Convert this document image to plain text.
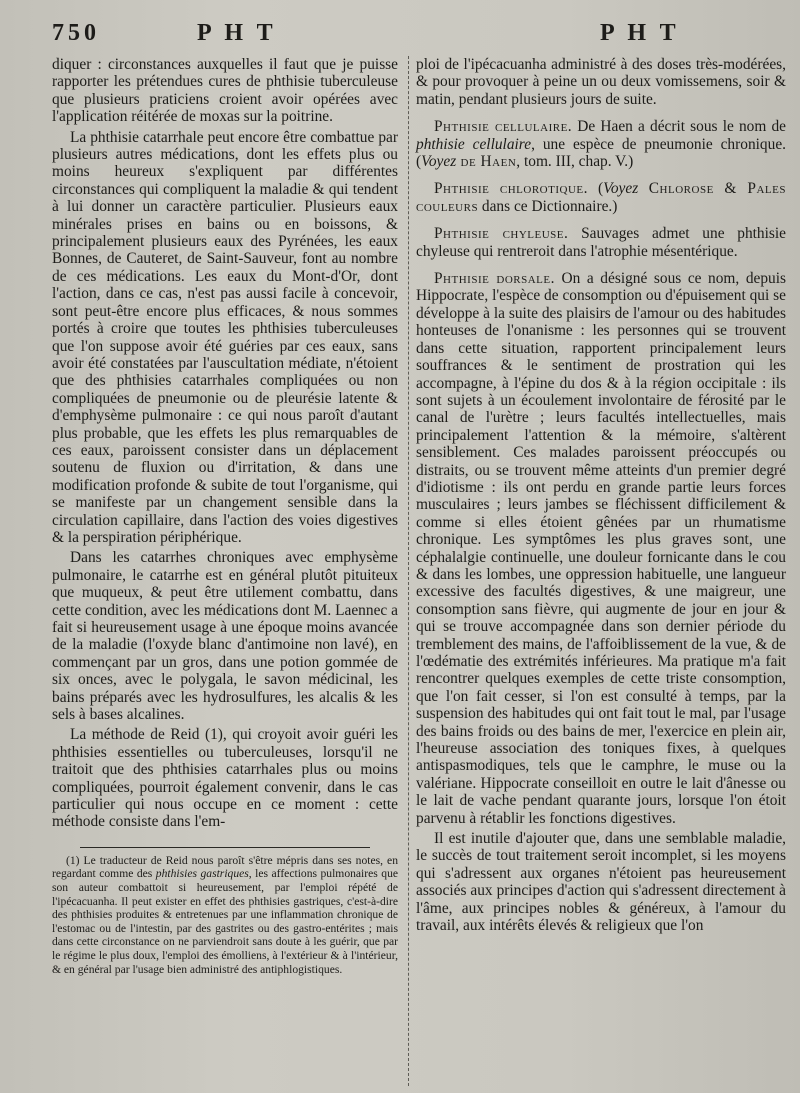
750	P H T	P H T

diquer : circonstances auxquelles il faut que je puisse rapporter les prétendues cures de phthisie tuberculeuse que plusieurs praticiens croient avoir opérées avec l'application réitérée de moxas sur la poitrine.

La phthisie catarrhale peut encore être combattue par plusieurs autres médications, dont les effets plus ou moins heureux s'expliquent par différentes circonstances qui compliquent la maladie & qui tendent à lui donner un caractère particulier. Plusieurs eaux minérales prises en bains ou en boissons, & principalement plusieurs eaux des Pyrénées, les eaux Bonnes, de Cauteret, de Saint-Sauveur, font au nombre de ces médications. Les eaux du Mont-d'Or, dont l'action, dans ce cas, n'est pas aussi facile à concevoir, sont peut-être encore plus efficaces, & nous sommes portés à croire que toutes les phthisies tuberculeuses que l'on suppose avoir été guéries par ces eaux, sans avoir été constatées par l'auscultation médiate, n'étoient que des phthisies catarrhales compliquées ou non compliquées de pneumonie ou de pleurésie latente & d'emphysème pulmonaire : ce qui nous paroît d'autant plus probable, que les effets les plus remarquables de ces eaux, paroissent consister dans un déplacement soutenu de fluxion ou d'irritation, & dans une modification profonde & subite de tout l'organisme, qui se manifeste par un changement sensible dans la circulation capillaire, dans l'action des voies digestives & la perspiration périphérique.

Dans les catarrhes chroniques avec emphysème pulmonaire, le catarrhe est en général plutôt pituiteux que muqueux, & peut être utilement combattu, dans cette condition, avec les médications dont M. Laennec a fait si heureusement usage à une époque moins avancée de la maladie (l'oxyde blanc d'antimoine non lavé), en commençant par un gros, dans une potion gommée de six onces, avec le polygala, le savon médicinal, les bains préparés avec les hydrosulfures, les alcalis & les sels à bases alcalines.

La méthode de Reid (1), qui croyoit avoir guéri les phthisies essentielles ou tuberculeuses, lorsqu'il ne traitoit que des phthisies catarrhales plus ou moins compliquées, pourroit également convenir, dans le cas particulier qui nous occupe en ce moment : cette méthode consiste dans l'em-

(1) Le traducteur de Reid nous paroît s'être mépris dans ses notes, en regardant comme des phthisies gastriques, les affections pulmonaires que son auteur combattoit si heureusement, par l'emploi répété de l'ipécacuanha. Il peut exister en effet des phthisies gastriques, c'est-à-dire des phthisies produites & entretenues par une inflammation chronique de l'estomac ou de l'intestin, par des gastrites ou des gastro-entérites ; mais dans cette circonstance on ne parviendroit sans doute à les guérir, que par le régime le plus doux, l'emploi des émolliens, à l'extérieur & à l'intérieur, & en général par l'usage bien administré des antiphlogistiques.

ploi de l'ipécacuanha administré à des doses très-modérées, & pour provoquer à peine un ou deux vomissemens, soir & matin, pendant plusieurs jours de suite.

Phthisie cellulaire. De Haen a décrit sous le nom de phthisie cellulaire, une espèce de pneumonie chronique. (Voyez de Haen, tom. III, chap. V.)

Phthisie chlorotique. (Voyez Chlorose & Pales couleurs dans ce Dictionnaire.)

Phthisie chyleuse. Sauvages admet une phthisie chyleuse qui rentreroit dans l'atrophie mésentérique.

Phthisie dorsale. On a désigné sous ce nom, depuis Hippocrate, l'espèce de consomption ou d'épuisement qui se développe à la suite des plaisirs de l'amour ou des habitudes honteuses de l'onanisme : les personnes qui se trouvent dans cette situation, rapportent principalement leurs souffrances & le sentiment de prostration qui les accompagne, à l'épine du dos & à la région occipitale : ils sont sujets à un écoulement involontaire de férosité par le canal de l'urètre ; leurs facultés intellectuelles, mais principalement l'attention & la mémoire, s'altèrent sensiblement. Ces malades paroissent préoccupés ou distraits, ou se trouvent même atteints d'un premier degré d'idiotisme : ils ont perdu en grande partie leurs forces musculaires ; leurs jambes se fléchissent difficilement & comme si elles étoient gênées par un rhumatisme chronique. Les symptômes les plus graves sont, une céphalalgie continuelle, une douleur fornicante dans le cou & dans les lombes, une oppression habituelle, une langueur excessive des facultés digestives, & une maigreur, une consomption sans fièvre, qui augmente de jour en jour & qui se trouve accompagnée dans son dernier période du tremblement des mains, de l'affoiblissement de la vue, & de l'œdématie des extrémités inférieures. Ma pratique m'a fait rencontrer quelques exemples de cette triste consomption, que l'on fait cesser, si l'on est consulté à temps, par la suspension des habitudes qui ont fait tout le mal, par l'usage des bains froids ou des bains de mer, l'exercice en plein air, l'heureuse association des toniques fixes, à quelques antispasmodiques, tels que le camphre, le muse ou la valériane. Hippocrate conseilloit en outre le lait d'ânesse ou le lait de vache pendant quarante jours, lorsque l'on étoit parvenu à rétablir les fonctions digestives.

Il est inutile d'ajouter que, dans une semblable maladie, le succès de tout traitement seroit incomplet, si les moyens qui s'adressent aux organes n'étoient pas heureusement associés aux principes d'action qui s'adressent directement à l'âme, aux principes nobles & généreux, à l'amour du travail, aux intérêts élevés & religieux que l'on
